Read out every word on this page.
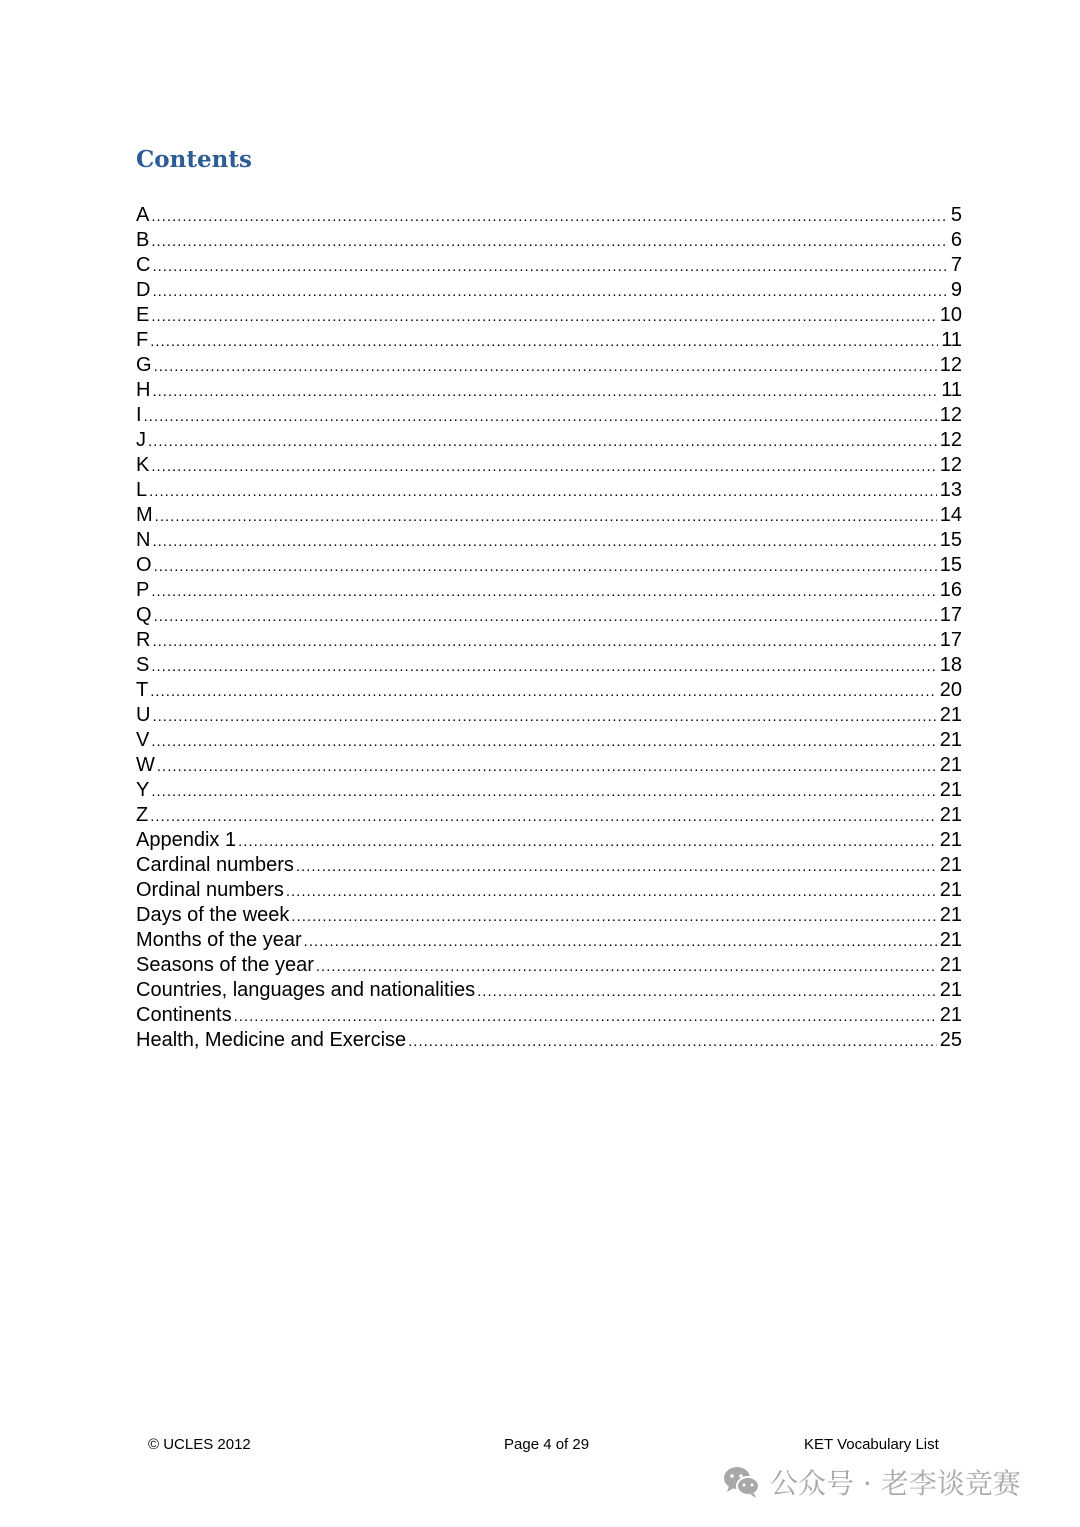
Contents
A .....	5
B .....	6
C .....	7
D .....	9
E .....	10
F .....	11
G .....	12
H .....	11
I .....	12
J .....	12
K .....	12
L .....	13
M .....	14
N .....	15
O .....	15
P .....	16
Q .....	17
R .....	17
S .....	18
T .....	20
U .....	21
V .....	21
W .....	21
Y .....	21
Z .....	21
Appendix 1 .....	21
Cardinal numbers .....	21
Ordinal numbers .....	21
Days of the week .....	21
Months of the year .....	21
Seasons of the year .....	21
Countries, languages and nationalities .....	21
Continents .....	21
Health, Medicine and Exercise .....	25
© UCLES 2012	Page 4 of 29	KET Vocabulary List
公众号 · 老李谈竞赛
